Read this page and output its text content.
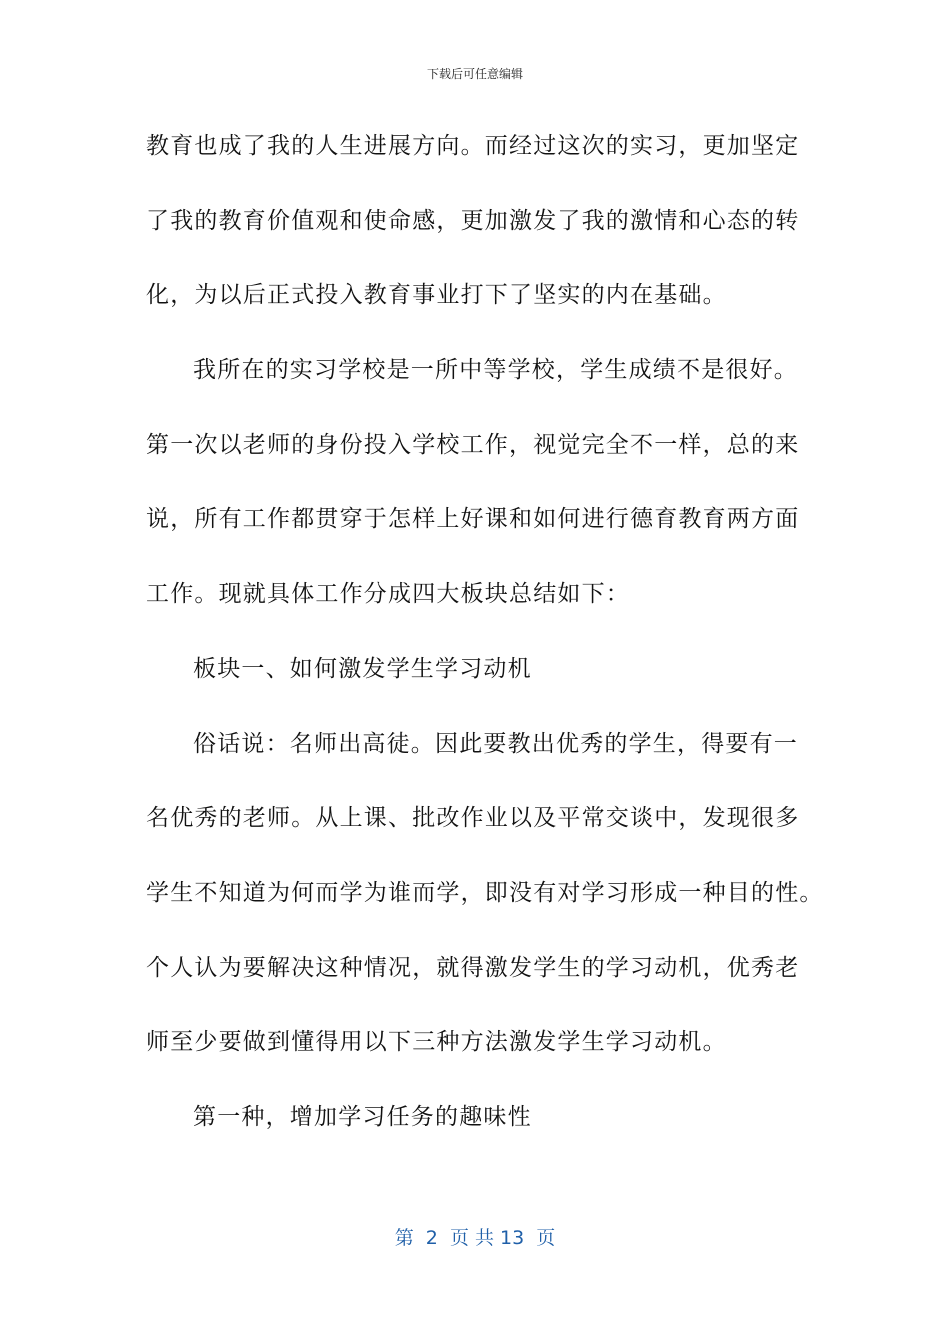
下载后可任意编辑
教育也成了我的人生进展方向。而经过这次的实习，更加坚定
了我的教育价值观和使命感，更加激发了我的激情和心态的转
化，为以后正式投入教育事业打下了坚实的内在基础。
我所在的实习学校是一所中等学校，学生成绩不是很好。
第一次以老师的身份投入学校工作，视觉完全不一样，总的来
说，所有工作都贯穿于怎样上好课和如何进行德育教育两方面
工作。现就具体工作分成四大板块总结如下：
板块一、如何激发学生学习动机
俗话说：名师出高徒。因此要教出优秀的学生，得要有一
名优秀的老师。从上课、批改作业以及平常交谈中，发现很多
学生不知道为何而学为谁而学，即没有对学习形成一种目的性。
个人认为要解决这种情况，就得激发学生的学习动机，优秀老
师至少要做到懂得用以下三种方法激发学生学习动机。
第一种，增加学习任务的趣味性
第  2  页 共 13  页
